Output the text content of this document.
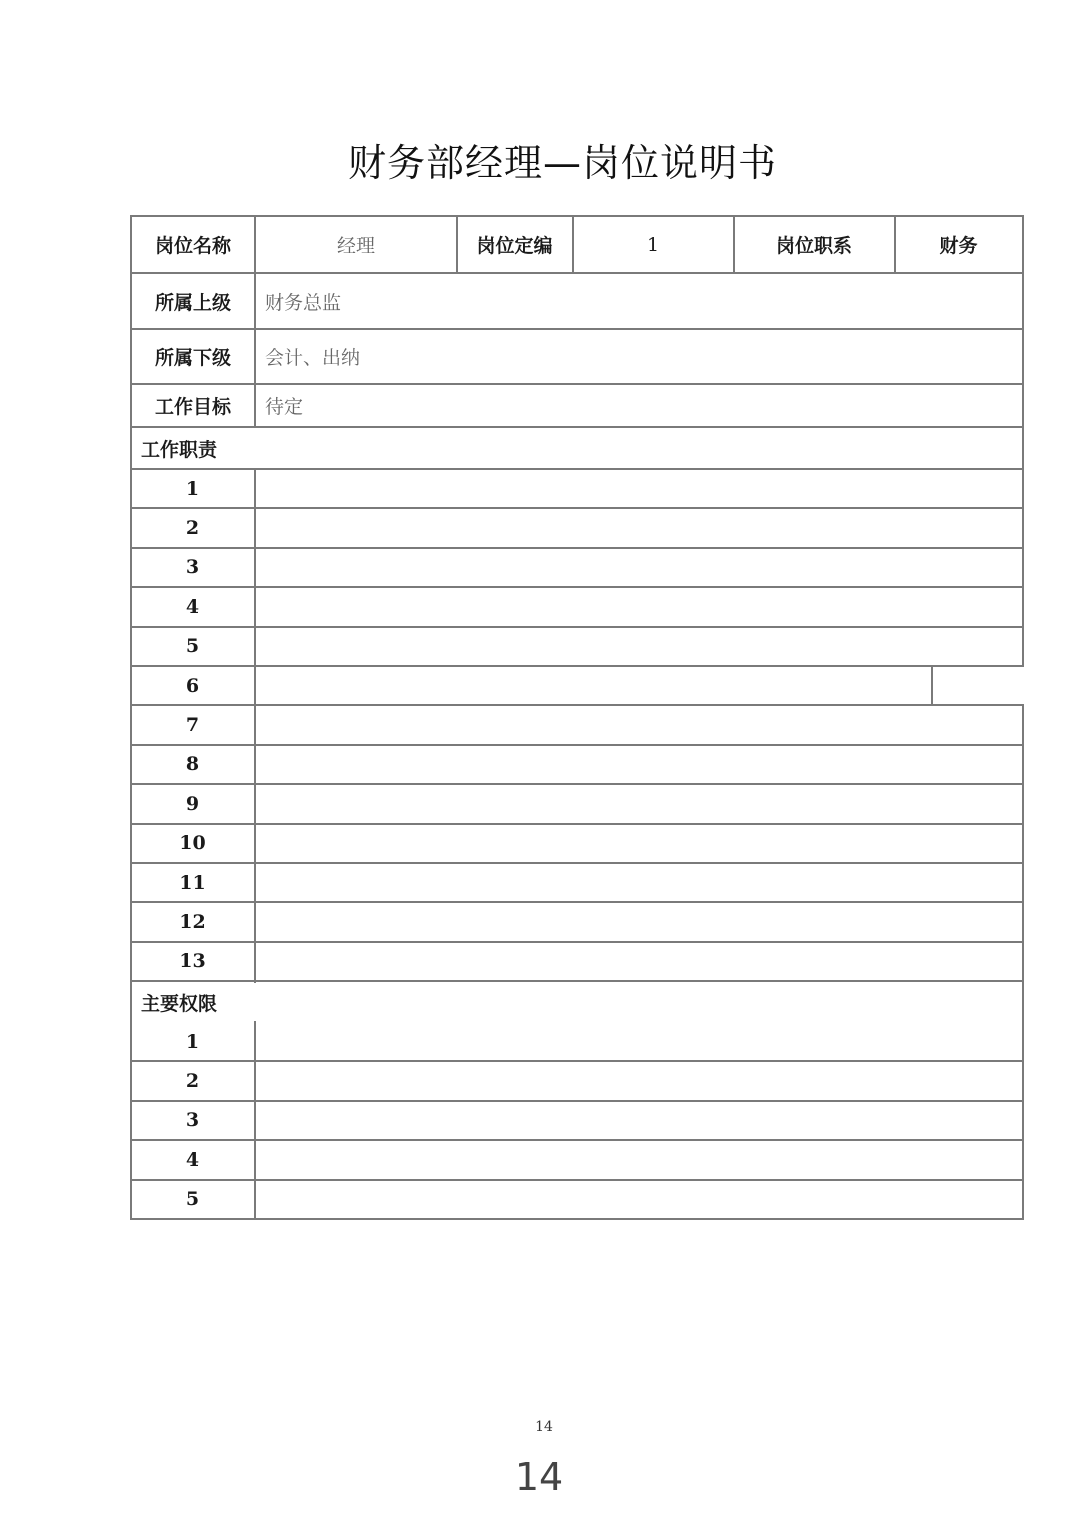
财务部经理—岗位说明书
岗位名称	经理	岗位定编	1	岗位职系	财务
所属上级	财务总监
所属下级	会计、出纳
工作目标	待定
工作职责
1
2
3
4
5
6
7
8
9
10
11
12
13
主要权限
1
2
3
4
5
14
14
